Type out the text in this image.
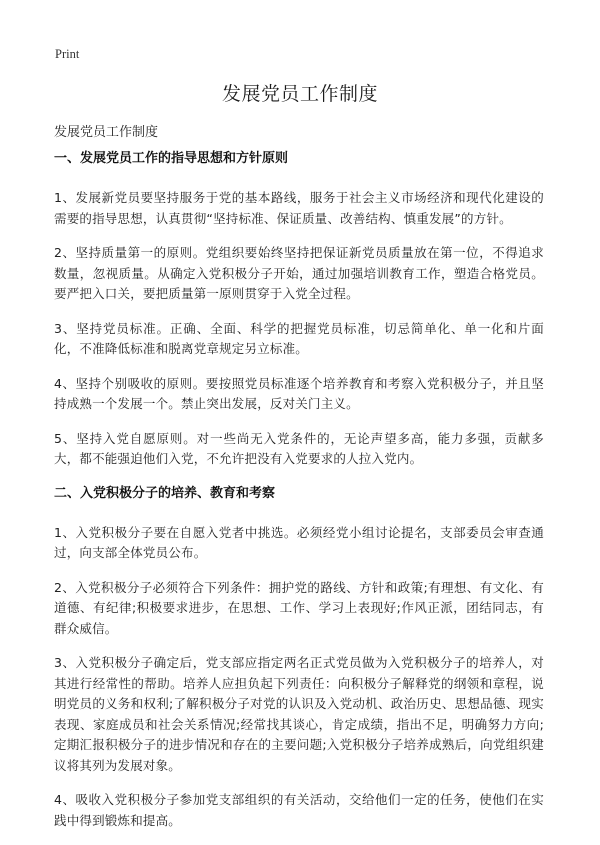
Print
发展党员工作制度
发展党员工作制度
一、发展党员工作的指导思想和方针原则

1、发展新党员要坚持服务于党的基本路线，服务于社会主义市场经济和现代化建设的需要的指导思想，认真贯彻“坚持标准、保证质量、改善结构、慎重发展”的方针。

2、坚持质量第一的原则。党组织要始终坚持把保证新党员质量放在第一位，不得追求数量，忽视质量。从确定入党积极分子开始，通过加强培训教育工作，塑造合格党员。要严把入口关，要把质量第一原则贯穿于入党全过程。

3、坚持党员标准。正确、全面、科学的把握党员标准，切忌简单化、单一化和片面化，不准降低标准和脱离党章规定另立标准。

4、坚持个别吸收的原则。要按照党员标准逐个培养教育和考察入党积极分子，并且坚持成熟一个发展一个。禁止突出发展，反对关门主义。

5、坚持入党自愿原则。对一些尚无入党条件的，无论声望多高，能力多强，贡献多大，都不能强迫他们入党，不允许把没有入党要求的人拉入党内。

二、入党积极分子的培养、教育和考察

1、入党积极分子要在自愿入党者中挑选。必须经党小组讨论提名，支部委员会审查通过，向支部全体党员公布。

2、入党积极分子必须符合下列条件：拥护党的路线、方针和政策;有理想、有文化、有道德、有纪律;积极要求进步，在思想、工作、学习上表现好;作风正派，团结同志，有群众威信。

3、入党积极分子确定后，党支部应指定两名正式党员做为入党积极分子的培养人，对其进行经常性的帮助。培养人应担负起下列责任：向积极分子解释党的纲领和章程，说明党员的义务和权利;了解积极分子对党的认识及入党动机、政治历史、思想品德、现实表现、家庭成员和社会关系情况;经常找其谈心，肯定成绩，指出不足，明确努力方向;定期汇报积极分子的进步情况和存在的主要问题;入党积极分子培养成熟后，向党组织建议将其列为发展对象。

4、吸收入党积极分子参加党支部组织的有关活动，交给他们一定的任务，使他们在实践中得到锻炼和提高。
